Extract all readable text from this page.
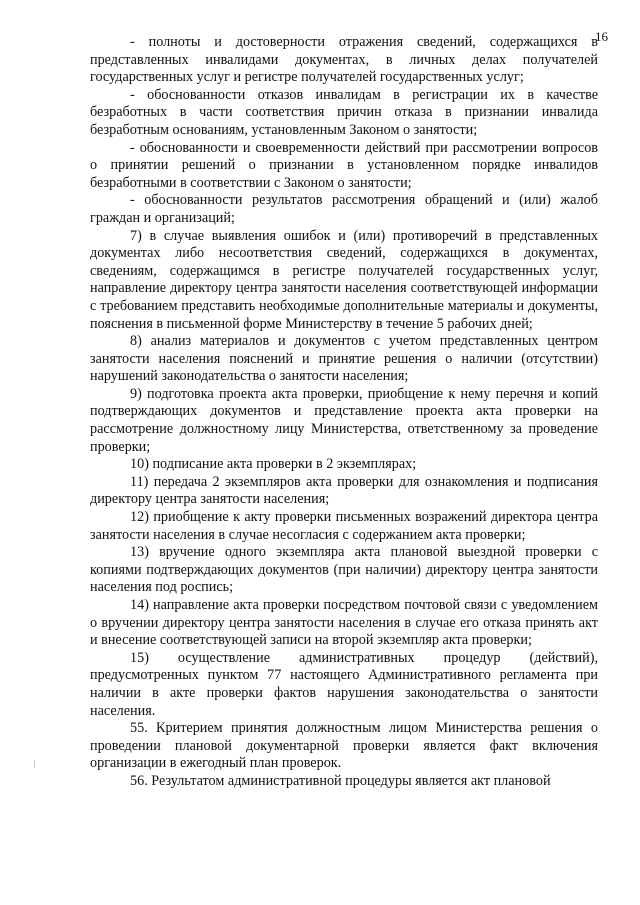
16

- полноты и достоверности отражения сведений, содержащихся в представленных инвалидами документах, в личных делах получателей государственных услуг и регистре получателей государственных услуг;

- обоснованности отказов инвалидам в регистрации их в качестве безработных в части соответствия причин отказа в признании инвалида безработным основаниям, установленным Законом о занятости;

- обоснованности и своевременности действий при рассмотрении вопросов о принятии решений о признании в установленном порядке инвалидов безработными в соответствии с Законом о занятости;

- обоснованности результатов рассмотрения обращений и (или) жалоб граждан и организаций;

7) в случае выявления ошибок и (или) противоречий в представленных документах либо несоответствия сведений, содержащихся в документах, сведениям, содержащимся в регистре получателей государственных услуг, направление директору центра занятости населения соответствующей информации с требованием представить необходимые дополнительные материалы и документы, пояснения в письменной форме Министерству в течение 5 рабочих дней;

8) анализ материалов и документов с учетом представленных центром занятости населения пояснений и принятие решения о наличии (отсутствии) нарушений законодательства о занятости населения;

9) подготовка проекта акта проверки, приобщение к нему перечня и копий подтверждающих документов и представление проекта акта проверки на рассмотрение должностному лицу Министерства, ответственному за проведение проверки;

10) подписание акта проверки в 2 экземплярах;

11) передача 2 экземпляров акта проверки для ознакомления и подписания директору центра занятости населения;

12) приобщение к акту проверки письменных возражений директора центра занятости населения в случае несогласия с содержанием акта проверки;

13) вручение одного экземпляра акта плановой выездной проверки с копиями подтверждающих документов (при наличии) директору центра занятости населения под роспись;

14) направление акта проверки посредством почтовой связи с уведомлением о вручении директору центра занятости населения в случае его отказа принять акт и внесение соответствующей записи на второй экземпляр акта проверки;

15) осуществление административных процедур (действий), предусмотренных пунктом 77 настоящего Административного регламента при наличии в акте проверки фактов нарушения законодательства о занятости населения.

55. Критерием принятия должностным лицом Министерства решения о проведении плановой документарной проверки является факт включения организации в ежегодный план проверок.

56. Результатом административной процедуры является акт плановой
